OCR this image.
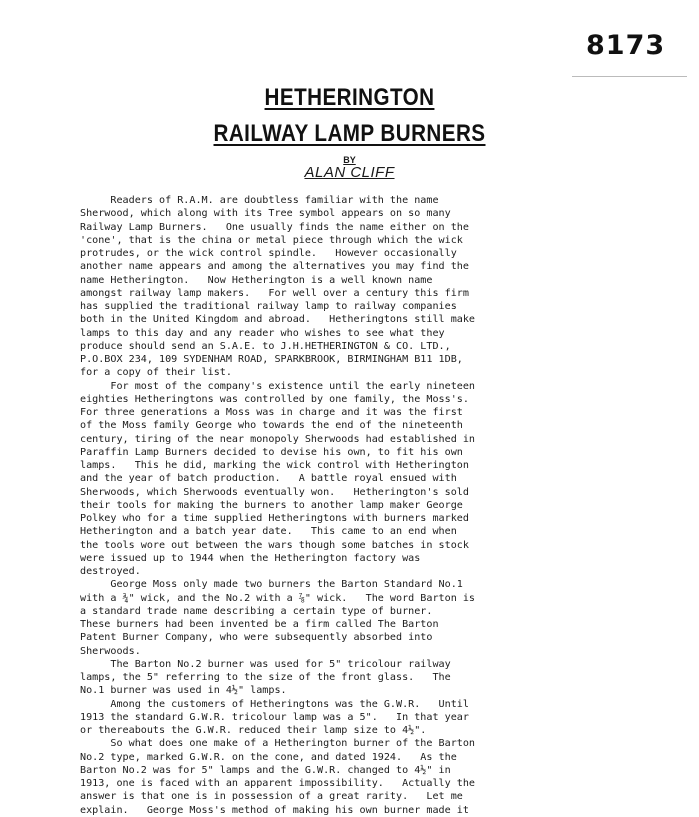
8173
HETHERINGTON
RAILWAY LAMP BURNERS
BY
ALAN CLIFF
Readers of R.A.M. are doubtless familiar with the name
Sherwood, which along with its Tree symbol appears on so many
Railway Lamp Burners.   One usually finds the name either on the
'cone', that is the china or metal piece through which the wick
protrudes, or the wick control spindle.   However occasionally
another name appears and among the alternatives you may find the
name Hetherington.   Now Hetherington is a well known name
amongst railway lamp makers.   For well over a century this firm
has supplied the traditional railway lamp to railway companies
both in the United Kingdom and abroad.   Hetheringtons still make
lamps to this day and any reader who wishes to see what they
produce should send an S.A.E. to J.H.HETHERINGTON & CO. LTD.,
P.O.BOX 234, 109 SYDENHAM ROAD, SPARKBROOK, BIRMINGHAM B11 1DB,
for a copy of their list.
For most of the company's existence until the early nineteen
eighties Hetheringtons was controlled by one family, the Moss's.
For three generations a Moss was in charge and it was the first
of the Moss family George who towards the end of the nineteenth
century, tiring of the near monopoly Sherwoods had established in
Paraffin Lamp Burners decided to devise his own, to fit his own
lamps.   This he did, marking the wick control with Hetherington
and the year of batch production.   A battle royal ensued with
Sherwoods, which Sherwoods eventually won.   Hetherington's sold
their tools for making the burners to another lamp maker George
Polkey who for a time supplied Hetheringtons with burners marked
Hetherington and a batch year date.   This came to an end when
the tools wore out between the wars though some batches in stock
were issued up to 1944 when the Hetherington factory was
destroyed.
George Moss only made two burners the Barton Standard No.1
with a ¾" wick, and the No.2 with a ⅞" wick.   The word Barton is
a standard trade name describing a certain type of burner.
These burners had been invented be a firm called The Barton
Patent Burner Company, who were subsequently absorbed into
Sherwoods.
The Barton No.2 burner was used for 5" tricolour railway
lamps, the 5" referring to the size of the front glass.   The
No.1 burner was used in 4½" lamps.
Among the customers of Hetheringtons was the G.W.R.   Until
1913 the standard G.W.R. tricolour lamp was a 5".   In that year
or thereabouts the G.W.R. reduced their lamp size to 4½".
So what does one make of a Hetherington burner of the Barton
No.2 type, marked G.W.R. on the cone, and dated 1924.   As the
Barton No.2 was for 5" lamps and the G.W.R. changed to 4½" in
1913, one is faced with an apparent impossibility.   Actually the
answer is that one is in possession of a great rarity.   Let me
explain.   George Moss's method of making his own burner made it
